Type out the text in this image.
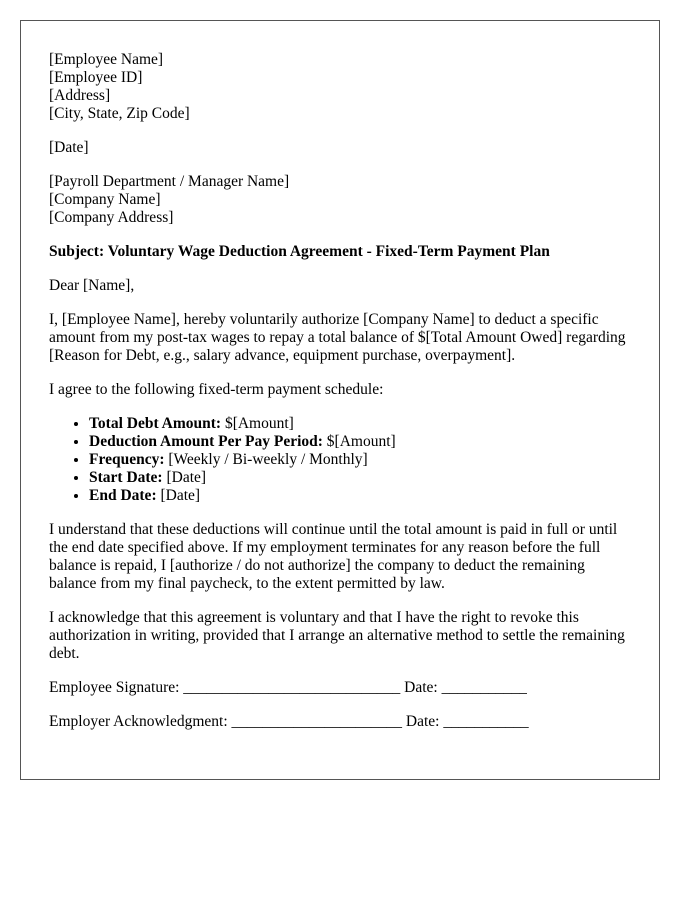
[Employee Name]
[Employee ID]
[Address]
[City, State, Zip Code]
[Date]
[Payroll Department / Manager Name]
[Company Name]
[Company Address]

Subject: Voluntary Wage Deduction Agreement - Fixed-Term Payment Plan

Dear [Name],

I, [Employee Name], hereby voluntarily authorize [Company Name] to deduct a specific amount from my post-tax wages to repay a total balance of $[Total Amount Owed] regarding [Reason for Debt, e.g., salary advance, equipment purchase, overpayment].

I agree to the following fixed-term payment schedule:

• Total Debt Amount: $[Amount]
• Deduction Amount Per Pay Period: $[Amount]
• Frequency: [Weekly / Bi-weekly / Monthly]
• Start Date: [Date]
• End Date: [Date]

I understand that these deductions will continue until the total amount is paid in full or until the end date specified above. If my employment terminates for any reason before the full balance is repaid, I [authorize / do not authorize] the company to deduct the remaining balance from my final paycheck, to the extent permitted by law.

I acknowledge that this agreement is voluntary and that I have the right to revoke this authorization in writing, provided that I arrange an alternative method to settle the remaining debt.

Employee Signature: ____________________________ Date: ___________
Employer Acknowledgment: ______________________ Date: ___________
